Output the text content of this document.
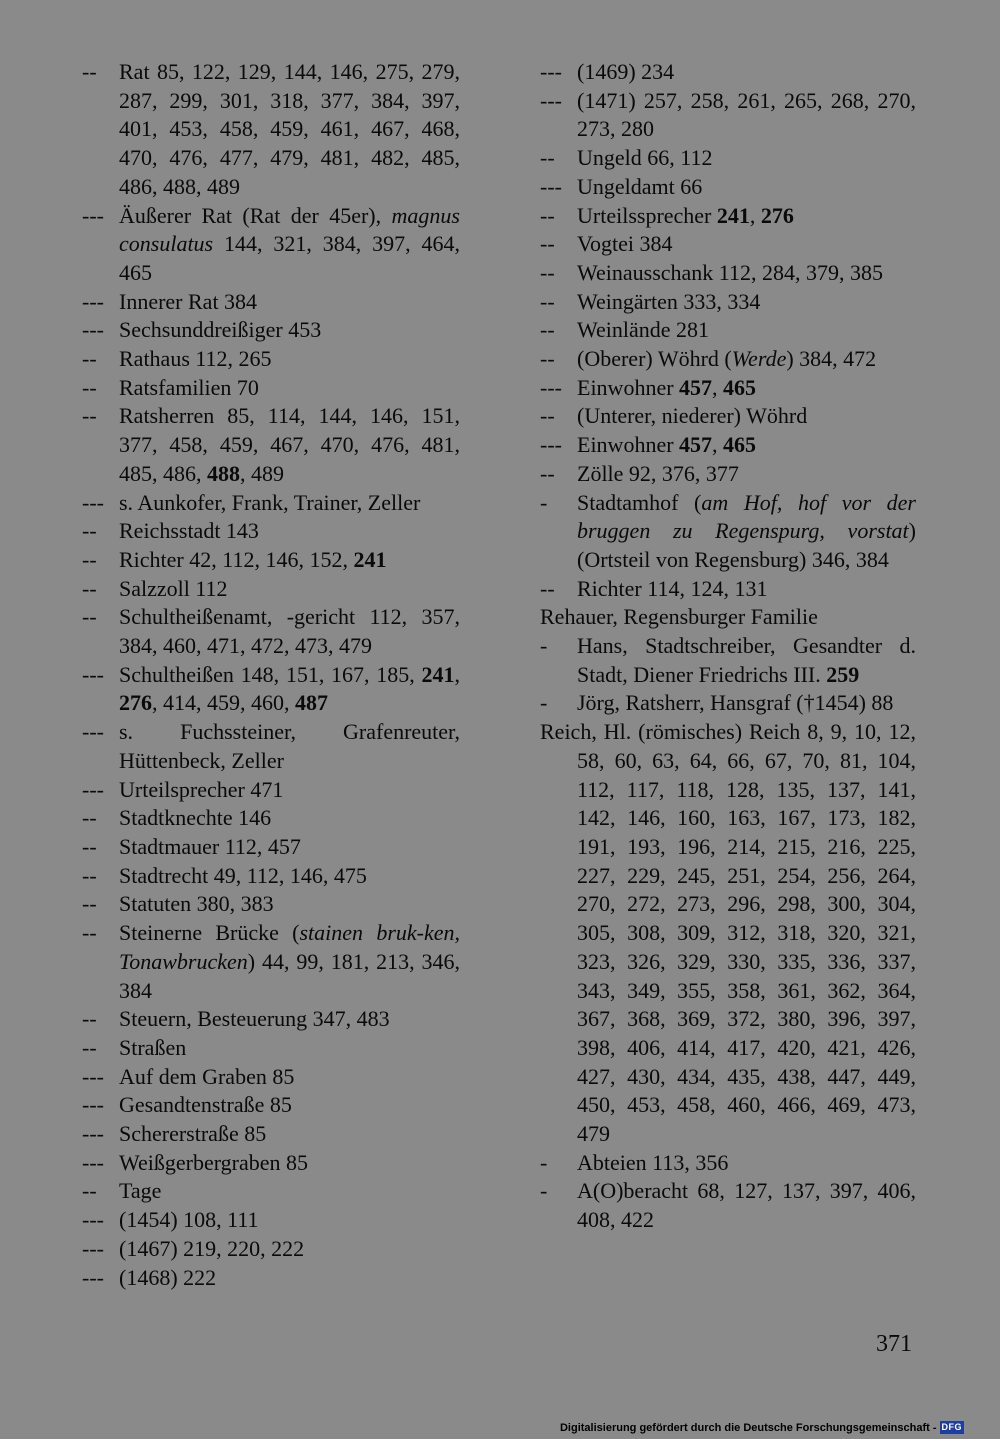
-- Rat 85, 122, 129, 144, 146, 275, 279, 287, 299, 301, 318, 377, 384, 397, 401, 453, 458, 459, 461, 467, 468, 470, 476, 477, 479, 481, 482, 485, 486, 488, 489
--- Äußerer Rat (Rat der 45er), magnus consulatus 144, 321, 384, 397, 464, 465
--- Innerer Rat 384
--- Sechsunddreißiger 453
-- Rathaus 112, 265
-- Ratsfamilien 70
-- Ratsherren 85, 114, 144, 146, 151, 377, 458, 459, 467, 470, 476, 481, 485, 486, 488, 489
--- s. Aunkofer, Frank, Trainer, Zeller
-- Reichsstadt 143
-- Richter 42, 112, 146, 152, 241
-- Salzzoll 112
-- Schultheißenamt, -gericht 112, 357, 384, 460, 471, 472, 473, 479
--- Schultheißen 148, 151, 167, 185, 241, 276, 414, 459, 460, 487
--- s. Fuchssteiner, Grafenreuter, Hüttenbeck, Zeller
--- Urteilsprecher 471
-- Stadtknechte 146
-- Stadtmauer 112, 457
-- Stadtrecht 49, 112, 146, 475
-- Statuten 380, 383
-- Steinerne Brücke (stainen bruk-ken, Tonawbrucken) 44, 99, 181, 213, 346, 384
-- Steuern, Besteuerung 347, 483
-- Straßen
--- Auf dem Graben 85
--- Gesandtenstraße 85
--- Schererstraße 85
--- Weißgerbergraben 85
-- Tage
--- (1454) 108, 111
--- (1467) 219, 220, 222
--- (1468) 222
--- (1469) 234
--- (1471) 257, 258, 261, 265, 268, 270, 273, 280
-- Ungeld 66, 112
--- Ungeldamt 66
-- Urteilssprecher 241, 276
-- Vogtei 384
-- Weinausschank 112, 284, 379, 385
-- Weingärten 333, 334
-- Weinlände 281
-- (Oberer) Wöhrd (Werde) 384, 472
--- Einwohner 457, 465
-- (Unterer, niederer) Wöhrd
--- Einwohner 457, 465
-- Zölle 92, 376, 377
- Stadtamhof (am Hof, hof vor der bruggen zu Regenspurg, vorstat) (Ortsteil von Regensburg) 346, 384
-- Richter 114, 124, 131
Rehauer, Regensburger Familie
- Hans, Stadtschreiber, Gesandter d. Stadt, Diener Friedrichs III. 259
- Jörg, Ratsherr, Hansgraf (†1454) 88
Reich, Hl. (römisches) Reich 8, 9, 10, 12, 58, 60, 63, 64, 66, 67, 70, 81, 104, 112, 117, 118, 128, 135, 137, 141, 142, 146, 160, 163, 167, 173, 182, 191, 193, 196, 214, 215, 216, 225, 227, 229, 245, 251, 254, 256, 264, 270, 272, 273, 296, 298, 300, 304, 305, 308, 309, 312, 318, 320, 321, 323, 326, 329, 330, 335, 336, 337, 343, 349, 355, 358, 361, 362, 364, 367, 368, 369, 372, 380, 396, 397, 398, 406, 414, 417, 420, 421, 426, 427, 430, 434, 435, 438, 447, 449, 450, 453, 458, 460, 466, 469, 473, 479
- Abteien 113, 356
- A(O)beracht 68, 127, 137, 397, 406, 408, 422
371
Digitalisierung gefördert durch die Deutsche Forschungsgemeinschaft - DFG
